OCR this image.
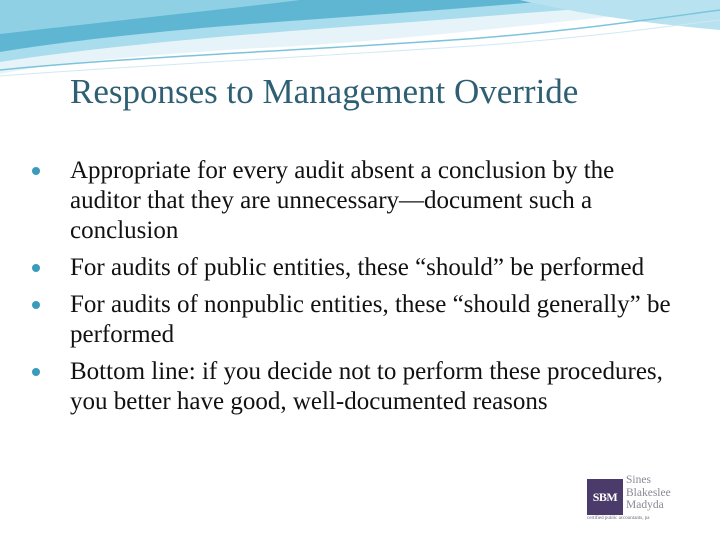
Responses to Management Override
Appropriate for every audit absent a conclusion by the auditor that they are unnecessary—document such a conclusion
For audits of public entities, these “should” be performed
For audits of nonpublic entities, these “should generally” be performed
Bottom line: if you decide not to perform these procedures, you better have good, well-documented reasons
SBM
Sines
Blakeslee
Madyda
certified public accountants, pa
